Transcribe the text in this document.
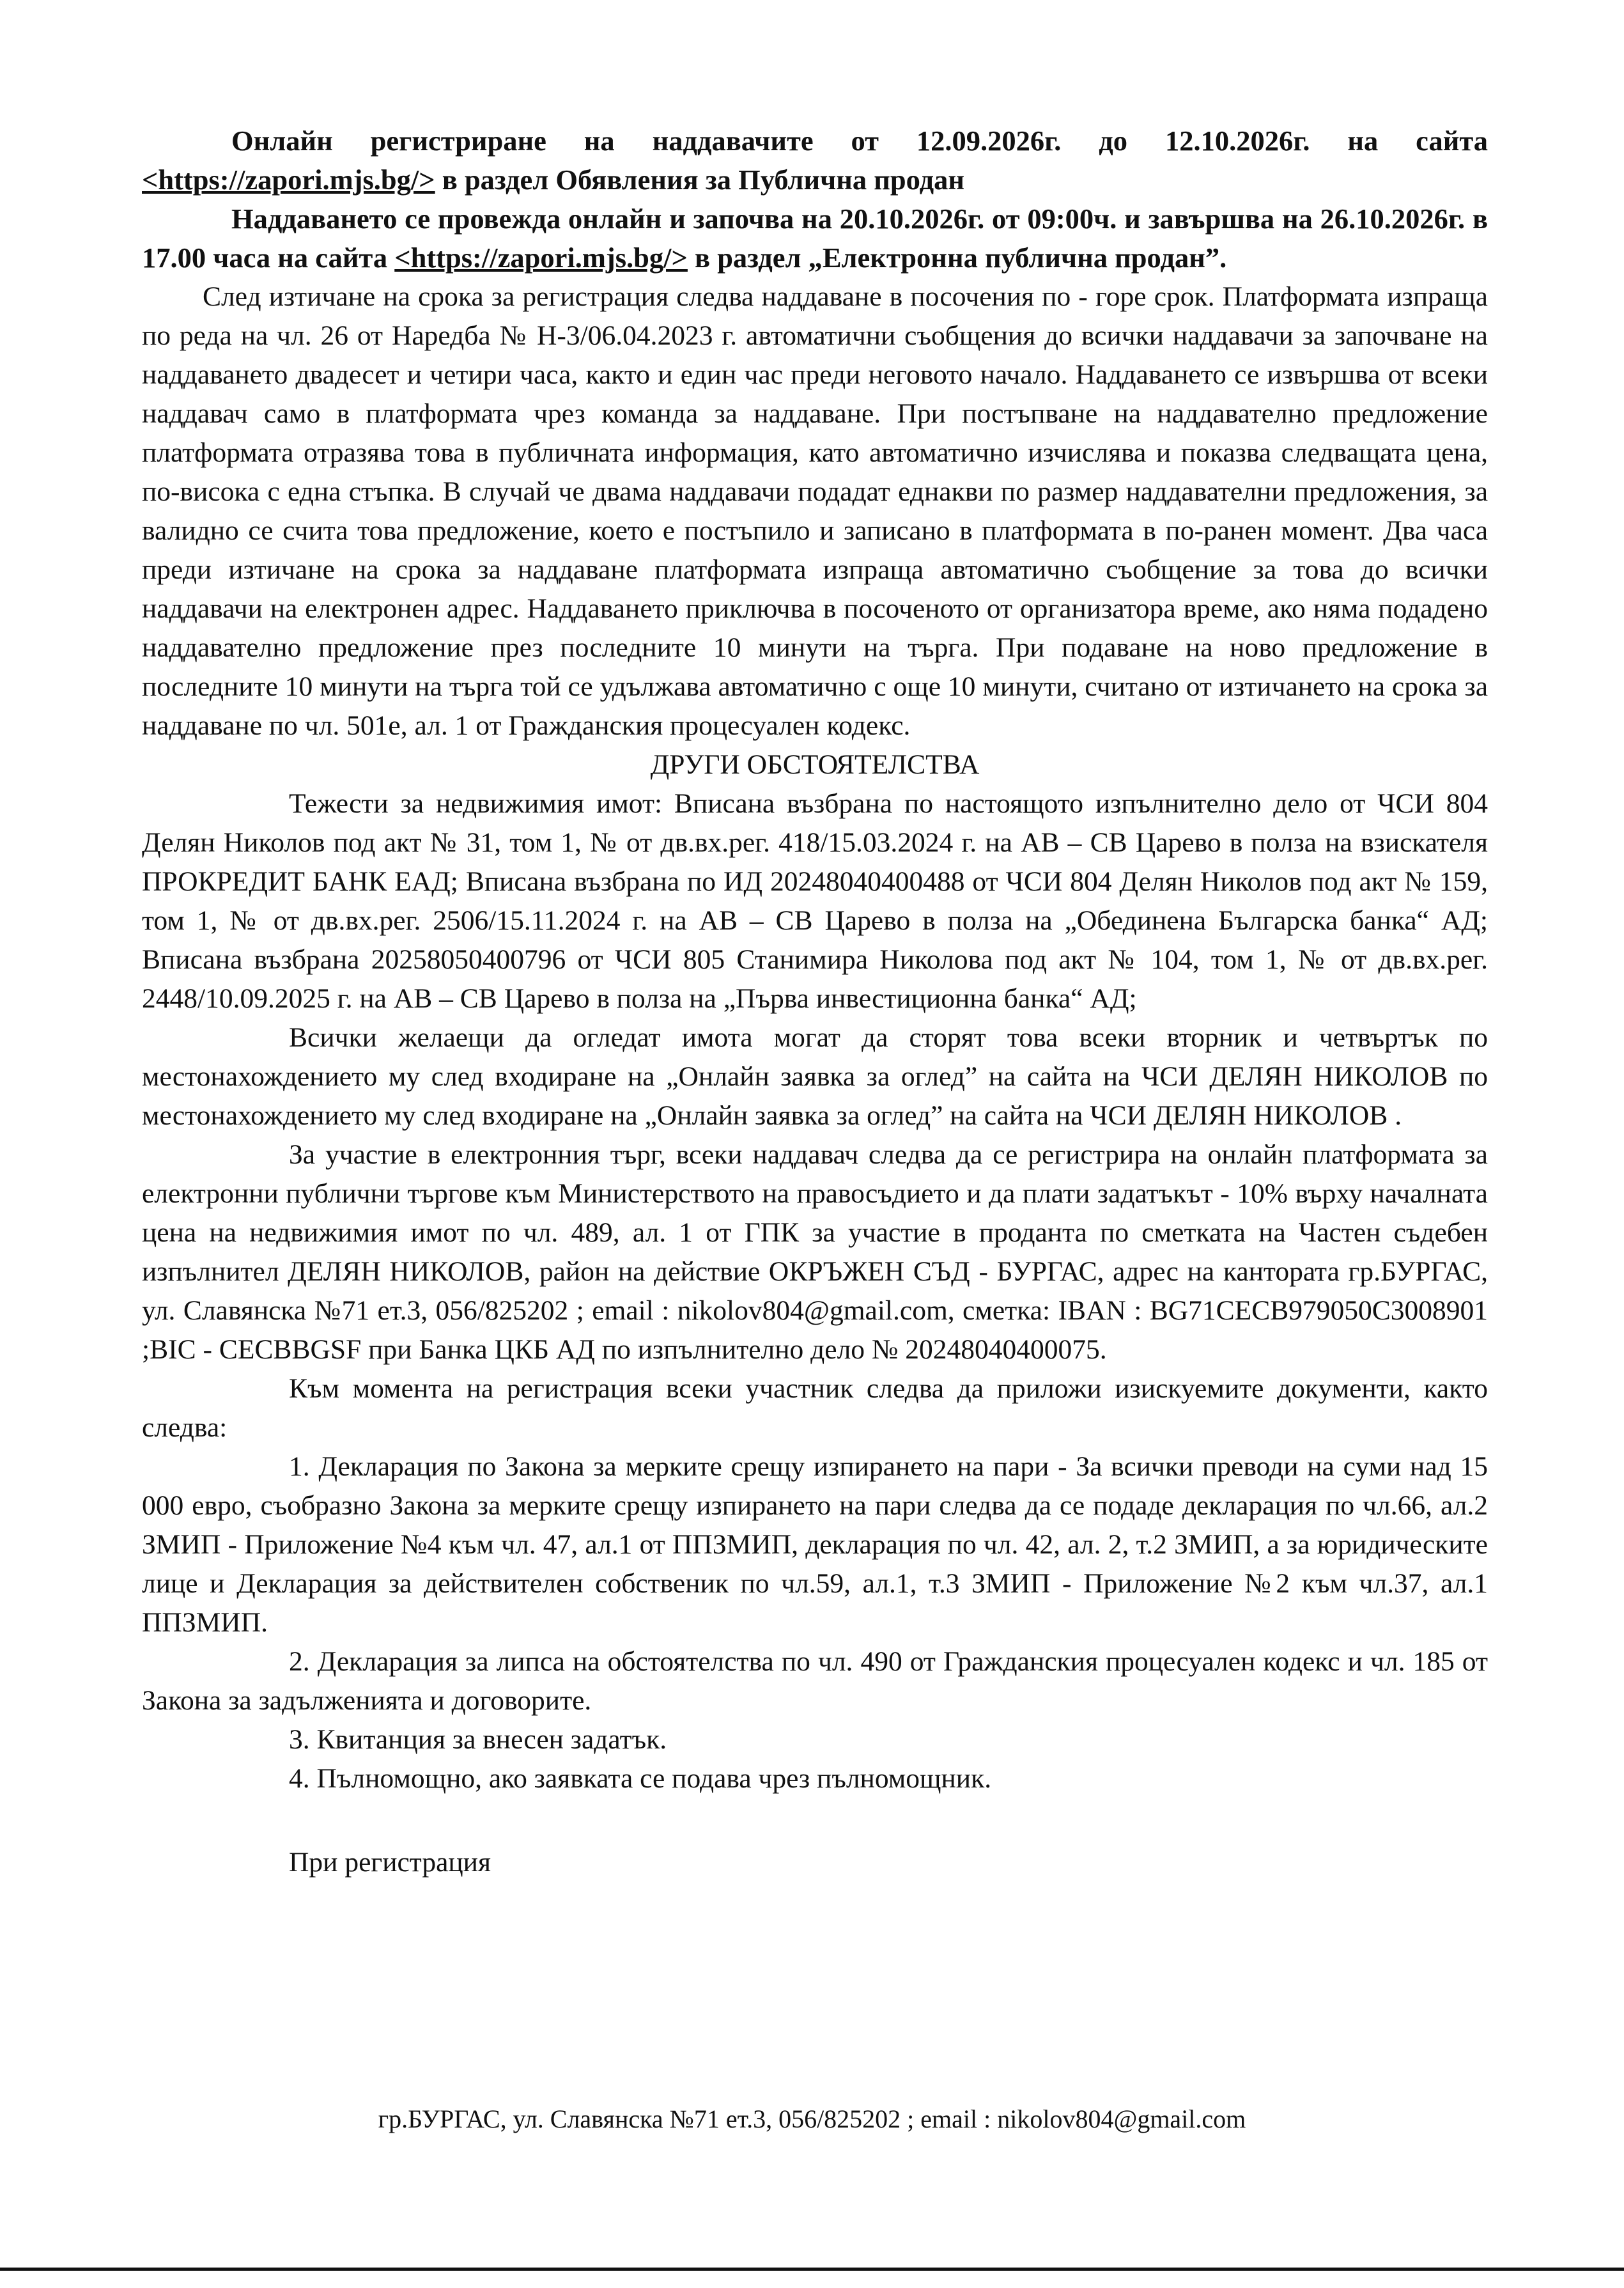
Онлайн регистриране на наддавачите от 12.09.2026г. до 12.10.2026г. на сайта <https://zapori.mjs.bg/> в раздел Обявления за Публична продан

Наддаването се провежда онлайн и започва на 20.10.2026г. от 09:00ч. и завършва на 26.10.2026г. в 17.00 часа на сайта <https://zapori.mjs.bg/> в раздел „Електронна публична продан”.

След изтичане на срока за регистрация следва наддаване в посочения по - горе срок. Платформата изпраща по реда на чл. 26 от Наредба № Н-3/06.04.2023 г. автоматични съобщения до всички наддавачи за започване на наддаването двадесет и четири часа, както и един час преди неговото начало. Наддаването се извършва от всеки наддавач само в платформата чрез команда за наддаване. При постъпване на наддавателно предложение платформата отразява това в публичната информация, като автоматично изчислява и показва следващата цена, по-висока с една стъпка. В случай че двама наддавачи подадат еднакви по размер наддавателни предложения, за валидно се счита това предложение, което е постъпило и записано в платформата в по-ранен момент. Два часа преди изтичане на срока за наддаване платформата изпраща автоматично съобщение за това до всички наддавачи на електронен адрес. Наддаването приключва в посоченото от организатора време, ако няма подадено наддавателно предложение през последните 10 минути на търга. При подаване на ново предложение в последните 10 минути на търга той се удължава автоматично с още 10 минути, считано от изтичането на срока за наддаване по чл. 501е, ал. 1 от Гражданския процесуален кодекс.

ДРУГИ ОБСТОЯТЕЛСТВА

Тежести за недвижимия имот: Вписана възбрана по настоящото изпълнително дело от ЧСИ 804 Делян Николов под акт № 31, том 1, № от дв.вх.рег. 418/15.03.2024 г. на АВ – СВ Царево в полза на взискателя ПРОКРЕДИТ БАНК ЕАД; Вписана възбрана по ИД 20248040400488 от ЧСИ 804 Делян Николов под акт № 159, том 1, № от дв.вх.рег. 2506/15.11.2024 г. на АВ – СВ Царево в полза на „Обединена Българска банка“ АД; Вписана възбрана 20258050400796 от ЧСИ 805 Станимира Николова под акт № 104, том 1, № от дв.вх.рег. 2448/10.09.2025 г. на АВ – СВ Царево в полза на „Първа инвестиционна банка“ АД;

Всички желаещи да огледат имота могат да сторят това всеки вторник и четвъртък по местонахождението му след входиране на „Онлайн заявка за оглед” на сайта на ЧСИ ДЕЛЯН НИКОЛОВ по местонахождението му след входиране на „Онлайн заявка за оглед” на сайта на ЧСИ ДЕЛЯН НИКОЛОВ .

За участие в електронния търг, всеки наддавач следва да се регистрира на онлайн платформата за електронни публични търгове към Министерството на правосъдието и да плати задатъкът - 10% върху началната цена на недвижимия имот по чл. 489, ал. 1 от ГПК за участие в проданта по сметката на Частен съдебен изпълнител ДЕЛЯН НИКОЛОВ, район на действие ОКРЪЖЕН СЪД - БУРГАС, адрес на кантората гр.БУРГАС, ул. Славянска №71 ет.3, 056/825202 ; email : nikolov804@gmail.com, сметка: IBAN : BG71CECB979050C3008901 ;BIC - CECBBGSF при Банка ЦКБ АД по изпълнително дело № 20248040400075.

Към момента на регистрация всеки участник следва да приложи изискуемите документи, както следва:

1. Декларация по Закона за мерките срещу изпирането на пари - За всички преводи на суми над 15 000 евро, съобразно Закона за мерките срещу изпирането на пари следва да се подаде декларация по чл.66, ал.2 ЗМИП - Приложение №4 към чл. 47, ал.1 от ППЗМИП, декларация по чл. 42, ал. 2, т.2 ЗМИП, а за юридическите лице и Декларация за действителен собственик по чл.59, ал.1, т.3 ЗМИП - Приложение №2 към чл.37, ал.1 ППЗМИП.

2. Декларация за липса на обстоятелства по чл. 490 от Гражданския процесуален кодекс и чл. 185 от Закона за задълженията и договорите.

3. Квитанция за внесен задатък.

4. Пълномощно, ако заявката се подава чрез пълномощник.

При регистрация

гр.БУРГАС, ул. Славянска №71 ет.3, 056/825202 ; email : nikolov804@gmail.com
